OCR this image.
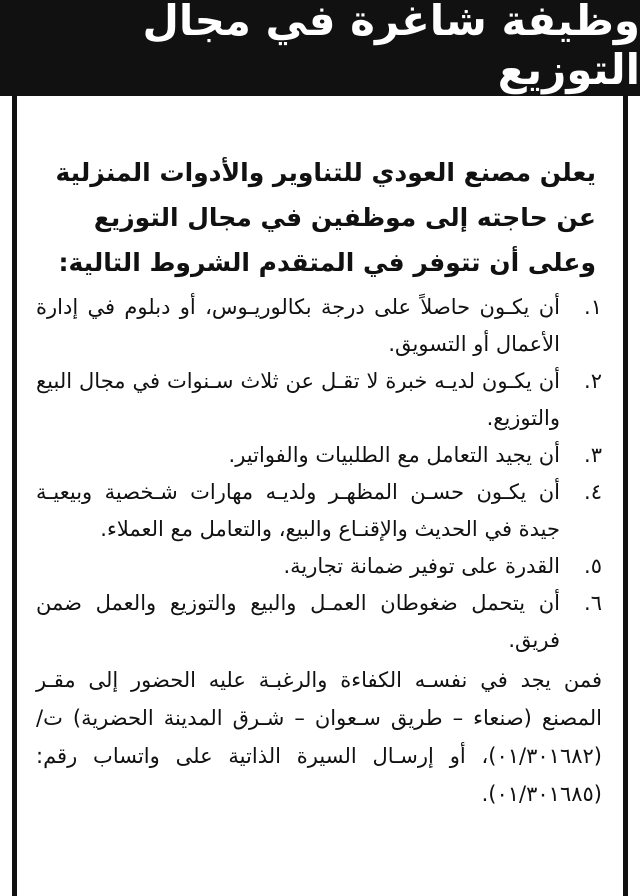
وظيفة شاغرة في مجال التوزيع

يعلن مصنع العودي للتناوير والأدوات المنزلية عن حاجته إلى موظفين في مجال التوزيع وعلى أن تتوفر في المتقدم الشروط التالية:

١.
أن يكـون حاصلاً على درجة بكالوريـوس، أو دبلوم في إدارة الأعمال أو التسويق.
٢.
أن يكـون لديـه خبرة لا تقـل عن ثلاث سـنوات في مجال البيع والتوزيع.
٣.
أن يجيد التعامل مع الطلبيات والفواتير.
٤.
أن يكـون حسـن المظهـر ولديـه مهارات شـخصية وبيعيـة جيدة في الحديث والإقنـاع والبيع، والتعامل مع العملاء.
٥.
القدرة على توفير ضمانة تجارية.
٦.
أن يتحمل ضغوطان العمـل والبيع والتوزيع والعمل ضمن فريق.

فمن يجد في نفسـه الكفاءة والرغبـة عليه الحضور إلى مقـر المصنع (صنعاء – طريق سـعوان – شـرق المدينة الحضرية) ت/ (٠١/٣٠١٦٨٢)، أو إرسـال السيرة الذاتية على واتساب رقم: (٠١/٣٠١٦٨٥).
